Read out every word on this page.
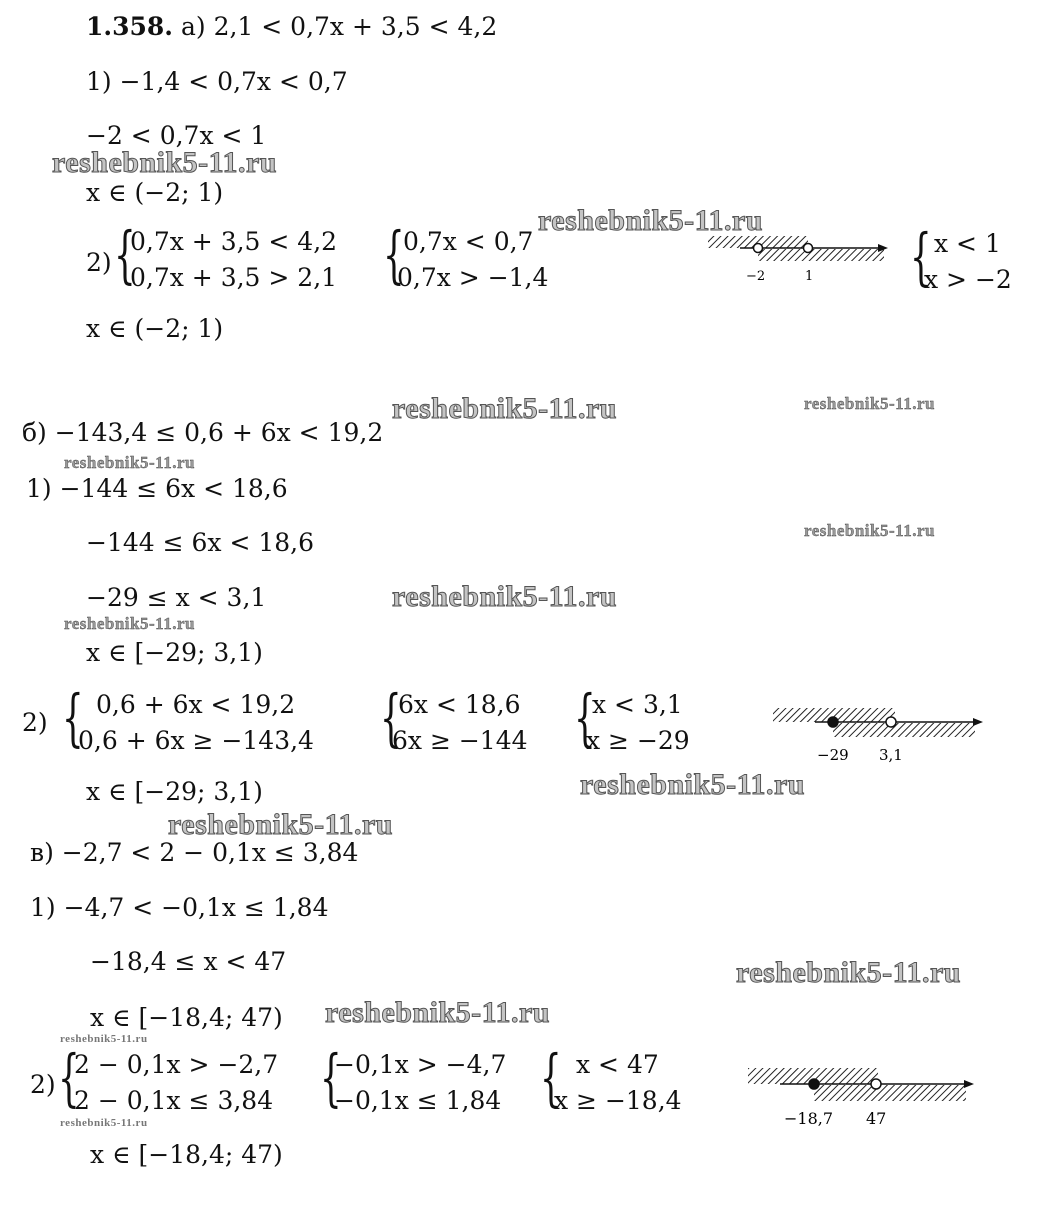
1.358. а) 2,1 < 0,7x + 3,5 < 4,2
1) −1,4 < 0,7x < 0,7
−2 < 0,7x < 1
x ∈ (−2; 1)
2) {
0,7x + 3,5 < 4,2
0,7x + 3,5 > 2,1 {
0,7x < 0,7
0,7x > −1,4	{ x < 1
x > −2
x ∈ (−2; 1)
−2	1
б) −143,4 ≤ 0,6 + 6x < 19,2
1) −144 ≤ 6x < 18,6
−144 ≤ 6x < 18,6
−29 ≤ x < 3,1
x ∈ [−29; 3,1)
2) { 0,6 + 6x < 19,2
0,6 + 6x ≥ −143,4 {
6x < 18,6
6x ≥ −144 {
x < 3,1
x ≥ −29
x ∈ [−29; 3,1)
−29 3,1
в) −2,7 < 2 − 0,1x ≤ 3,84
1) −4,7 < −0,1x ≤ 1,84
−18,4 ≤ x < 47
x ∈ [−18,4; 47)
2) {
2 − 0,1x > −2,7
2 − 0,1x ≤ 3,84 {
−0,1x > −4,7
−0,1x ≤ 1,84 { x < 47
x ≥ −18,4
x ∈ [−18,4; 47)
−18,7 47
reshebnik5-11.ru
reshebnik5-11.ru
reshebnik5-11.ru	reshebnik5-11.ru
reshebnik5-11.ru
reshebnik5-11.ru
reshebnik5-11.ru
reshebnik5-11.ru
reshebnik5-11.ru
reshebnik5-11.ru
reshebnik5-11.ru
reshebnik5-11.ru
reshebnik5-11.ru
reshebnik5-11.ru
